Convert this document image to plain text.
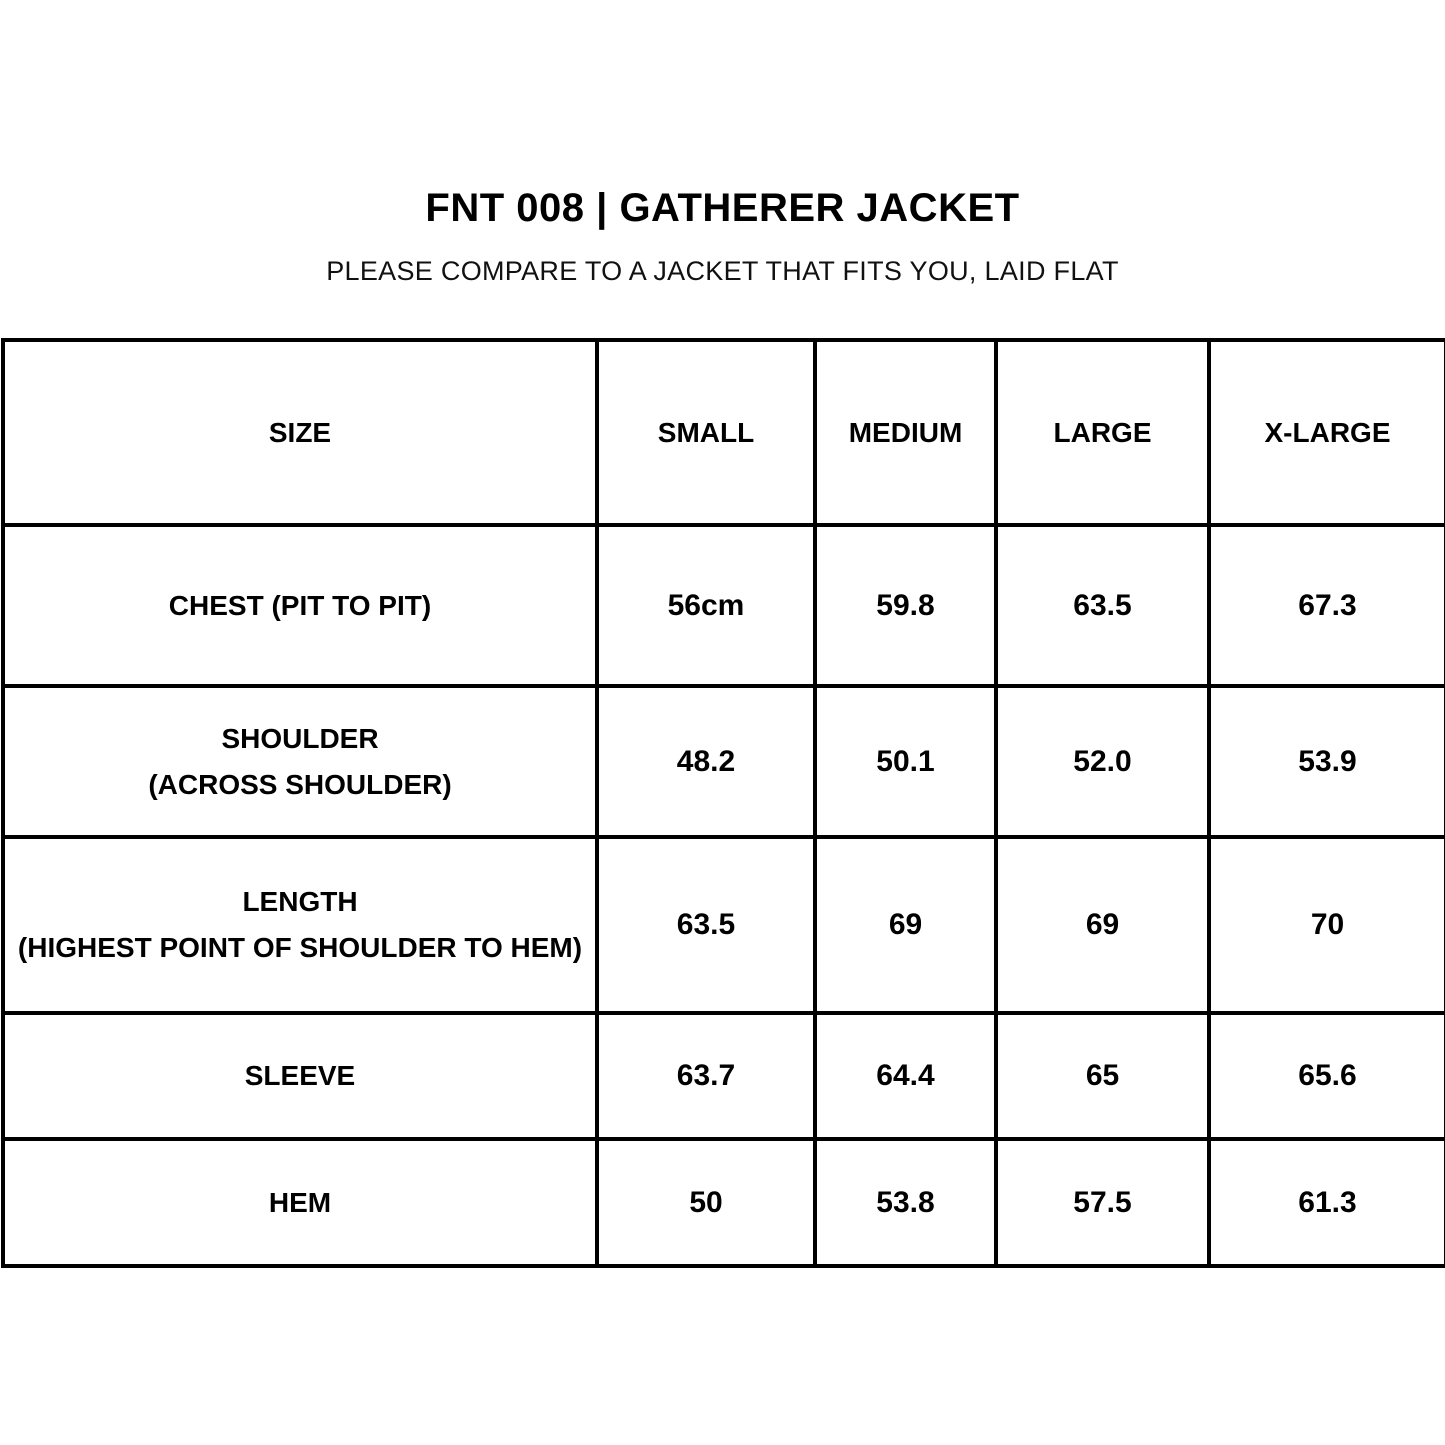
FNT 008 | GATHERER JACKET
PLEASE COMPARE TO A JACKET THAT FITS YOU, LAID FLAT
SIZE	SMALL	MEDIUM	LARGE	X-LARGE

CHEST (PIT TO PIT)	56cm	59.8	63.5	67.3

SHOULDER
(ACROSS SHOULDER)	48.2	50.1	52.0	53.9

LENGTH
(HIGHEST POINT OF SHOULDER TO HEM)	63.5	69	69	70

SLEEVE	63.7	64.4	65	65.6

HEM	50	53.8	57.5	61.3
